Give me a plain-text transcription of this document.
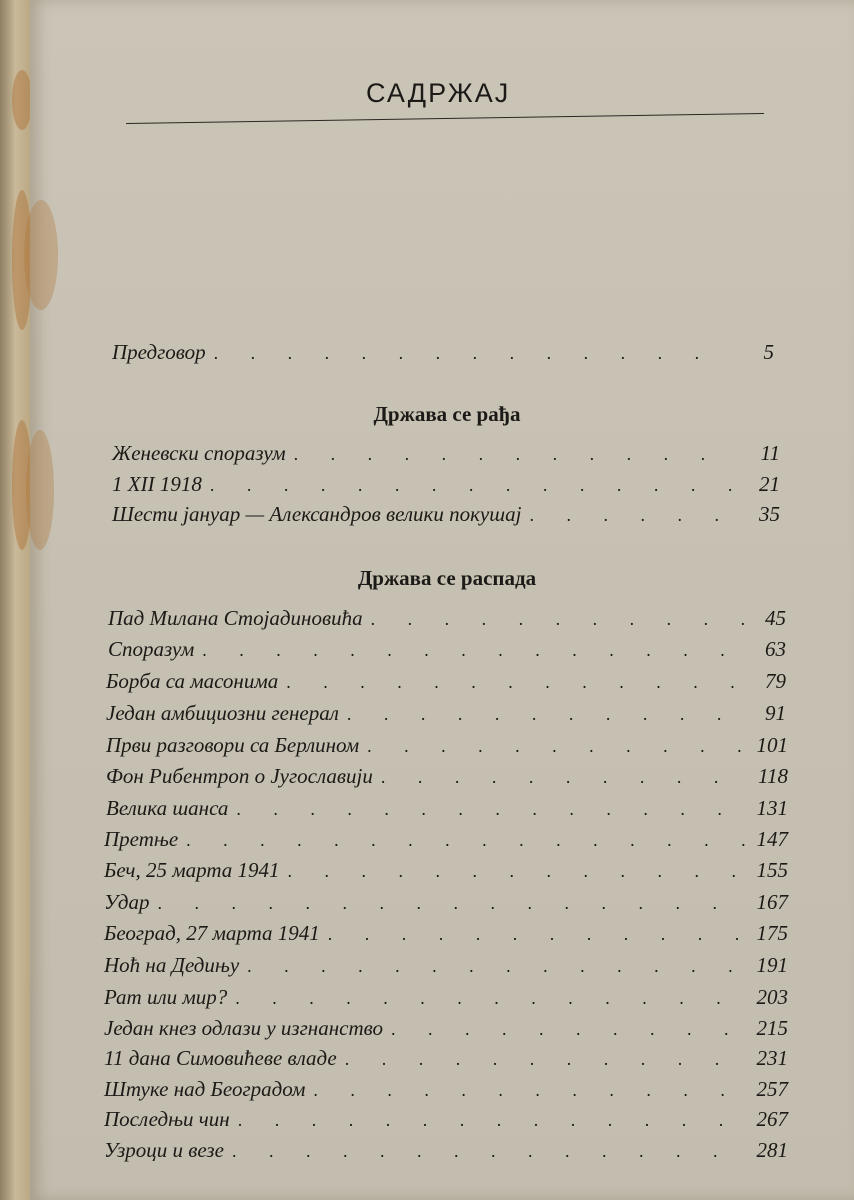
САДРЖАЈ
Предговор . . .	5
Држава се рађа
Женевски споразум . . .	11
1 XII 1918 . . .	21
Шести јануар — Александров велики покушај . . .	35
Држава се распада
Пад Милана Стојадиновића . . .	45
Споразум . . .	63
Борба са масонима . . .	79
Један амбициозни генерал . . .	91
Први разговори са Берлином . . .	101
Фон Рибентроп о Југославији . . .	118
Велика шанса . . .	131
Претње . . .	147
Беч, 25 марта 1941 . . .	155
Удар . . .	167
Београд, 27 марта 1941 . . .	175
Ноћ на Дедињу . . .	191
Рат или мир? . . .	203
Један кнез одлази у изгнанство . . .	215
11 дана Симовићеве владе . . .	231
Штуке над Београдом . . .	257
Последњи чин . . .	267
Узроци и везе . . .	281
